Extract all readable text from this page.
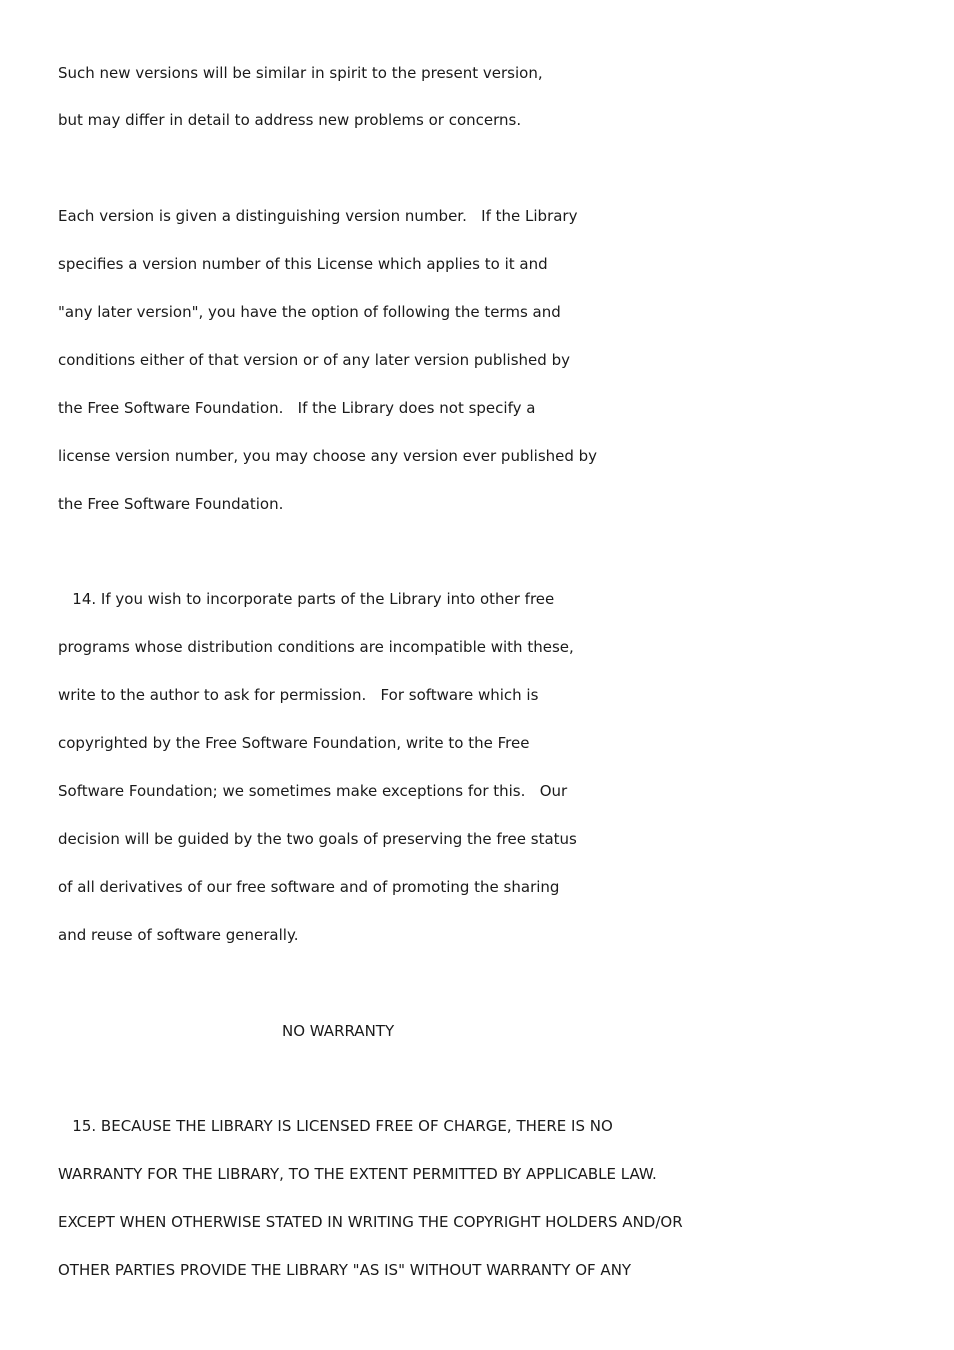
Such new versions will be similar in spirit to the present version,

but may differ in detail to address new problems or concerns.

Each version is given a distinguishing version number.   If the Library

specifies a version number of this License which applies to it and

"any later version", you have the option of following the terms and

conditions either of that version or of any later version published by

the Free Software Foundation.   If the Library does not specify a

license version number, you may choose any version ever published by

the Free Software Foundation.

14. If you wish to incorporate parts of the Library into other free

programs whose distribution conditions are incompatible with these,

write to the author to ask for permission.   For software which is

copyrighted by the Free Software Foundation, write to the Free

Software Foundation; we sometimes make exceptions for this.   Our

decision will be guided by the two goals of preserving the free status

of all derivatives of our free software and of promoting the sharing

and reuse of software generally.

NO WARRANTY

15. BECAUSE THE LIBRARY IS LICENSED FREE OF CHARGE, THERE IS NO

WARRANTY FOR THE LIBRARY, TO THE EXTENT PERMITTED BY APPLICABLE LAW.

EXCEPT WHEN OTHERWISE STATED IN WRITING THE COPYRIGHT HOLDERS AND/OR

OTHER PARTIES PROVIDE THE LIBRARY "AS IS" WITHOUT WARRANTY OF ANY
